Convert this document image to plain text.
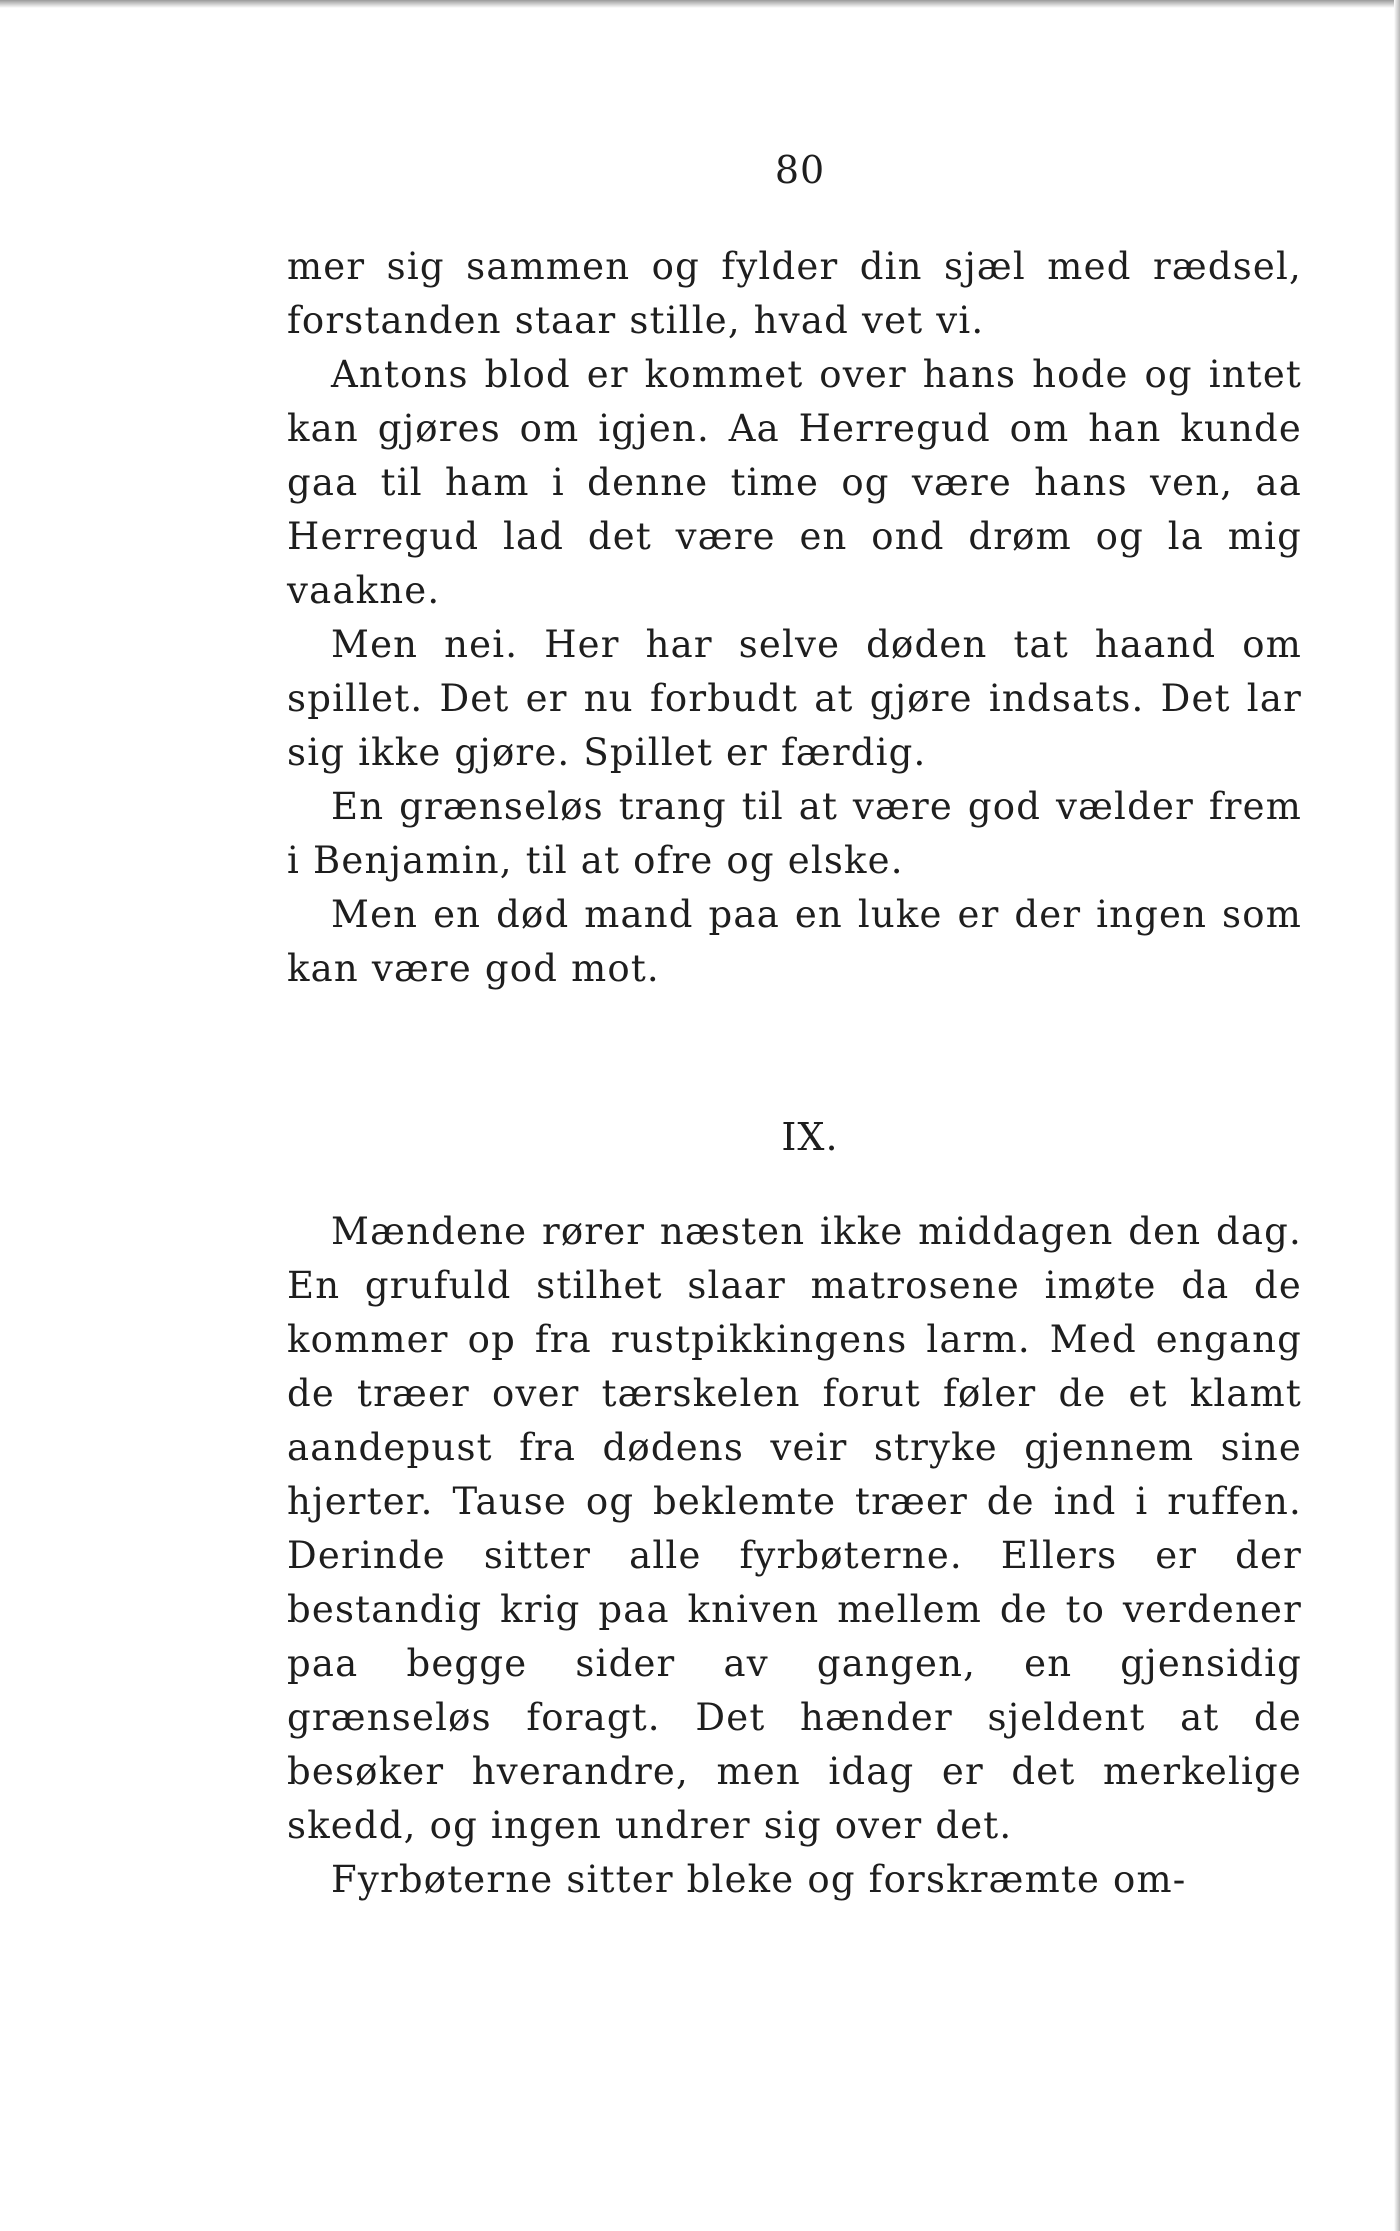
80

mer sig sammen og fylder din sjæl med rædsel, forstanden staar stille, hvad vet vi.

Antons blod er kommet over hans hode og intet kan gjøres om igjen. Aa Herregud om han kunde gaa til ham i denne time og være hans ven, aa Herregud lad det være en ond drøm og la mig vaakne.

Men nei. Her har selve døden tat haand om spillet. Det er nu forbudt at gjøre indsats. Det lar sig ikke gjøre. Spillet er færdig.

En grænseløs trang til at være god vælder frem i Benjamin, til at ofre og elske.

Men en død mand paa en luke er der ingen som kan være god mot.

IX.

Mændene rører næsten ikke middagen den dag. En grufuld stilhet slaar matrosene imøte da de kommer op fra rustpikkingens larm. Med engang de træer over tærskelen forut føler de et klamt aandepust fra dødens veir stryke gjennem sine hjerter. Tause og beklemte træer de ind i ruffen. Derinde sitter alle fyrbøterne. Ellers er der bestandig krig paa kniven mellem de to verdener paa begge sider av gangen, en gjensidig grænseløs foragt. Det hænder sjeldent at de besøker hverandre, men idag er det merkelige skedd, og ingen undrer sig over det.

Fyrbøterne sitter bleke og forskræmte om-
